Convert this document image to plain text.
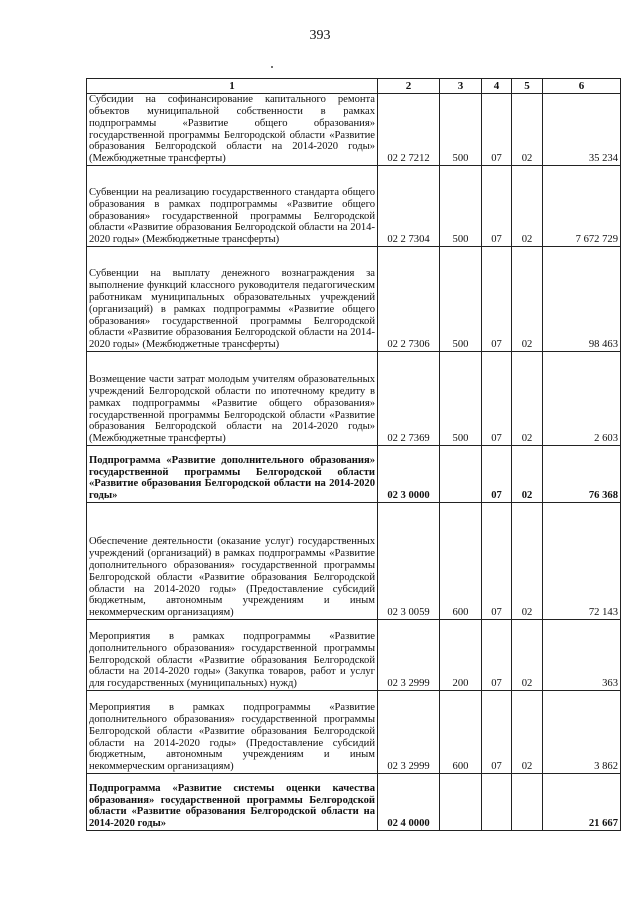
393
1	2	3	4	5	6
Субсидии на софинансирование капитального ремонта объектов муниципальной собственности в рамках подпрограммы «Развитие общего образования» государственной программы Белгородской области «Развитие образования Белгородской области на 2014-2020 годы» (Межбюджетные трансферты)	02 2 7212	500	07	02	35 234
Субвенции на реализацию государственного стандарта общего образования в рамках подпрограммы «Развитие общего образования» государственной программы Белгородской области «Развитие образования Белгородской области на 2014-2020 годы» (Межбюджетные трансферты)	02 2 7304	500	07	02	7 672 729
Субвенции на выплату денежного вознаграждения за выполнение функций классного руководителя педагогическим работникам муниципальных образовательных учреждений (организаций) в рамках подпрограммы «Развитие общего образования» государственной программы Белгородской области «Развитие образования Белгородской области на 2014-2020 годы» (Межбюджетные трансферты)	02 2 7306	500	07	02	98 463
Возмещение части затрат молодым учителям образовательных учреждений Белгородской области по ипотечному кредиту в рамках подпрограммы «Развитие общего образования» государственной программы Белгородской области «Развитие образования Белгородской области на 2014-2020 годы» (Межбюджетные трансферты)	02 2 7369	500	07	02	2 603
Подпрограмма «Развитие дополнительного образования» государственной программы Белгородской области «Развитие образования Белгородской области на 2014-2020 годы»	02 3 0000		07	02	76 368
Обеспечение деятельности (оказание услуг) государственных учреждений (организаций) в рамках подпрограммы «Развитие дополнительного образования» государственной программы Белгородской области «Развитие образования Белгородской области на 2014-2020 годы» (Предоставление субсидий бюджетным, автономным учреждениям и иным некоммерческим организациям)	02 3 0059	600	07	02	72 143
Мероприятия в рамках подпрограммы «Развитие дополнительного образования» государственной программы Белгородской области «Развитие образования Белгородской области на 2014-2020 годы» (Закупка товаров, работ и услуг для государственных (муниципальных) нужд)	02 3 2999	200	07	02	363
Мероприятия в рамках подпрограммы «Развитие дополнительного образования» государственной программы Белгородской области «Развитие образования Белгородской области на 2014-2020 годы» (Предоставление субсидий бюджетным, автономным учреждениям и иным некоммерческим организациям)	02 3 2999	600	07	02	3 862
Подпрограмма «Развитие системы оценки качества образования» государственной программы Белгородской области «Развитие образования Белгородской области на 2014-2020 годы»	02 4 0000				21 667
